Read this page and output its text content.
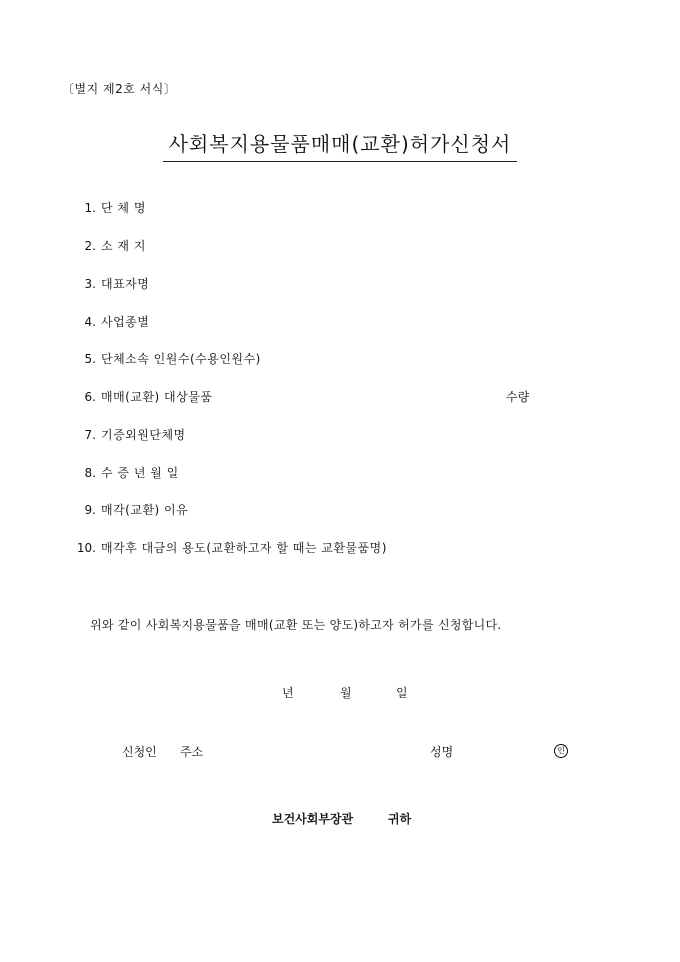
〔별지 제2호 서식〕
사회복지용물품매매(교환)허가신청서
1. 단 체 명
2. 소 재 지
3. 대표자명
4. 사업종별
5. 단체소속 인원수(수용인원수)
6. 매매(교환) 대상물품	수량
7. 기증외원단체명
8. 수 증 년 월 일
9. 매각(교환) 이유
10. 매각후 대금의 용도(교환하고자 할 때는 교환물품명)
위와 같이 사회복지용물품을 매매(교환 또는 양도)하고자 허가를 신청합니다.
년	월	일
신청인 주소	성명	인
보건사회부장관	귀하
